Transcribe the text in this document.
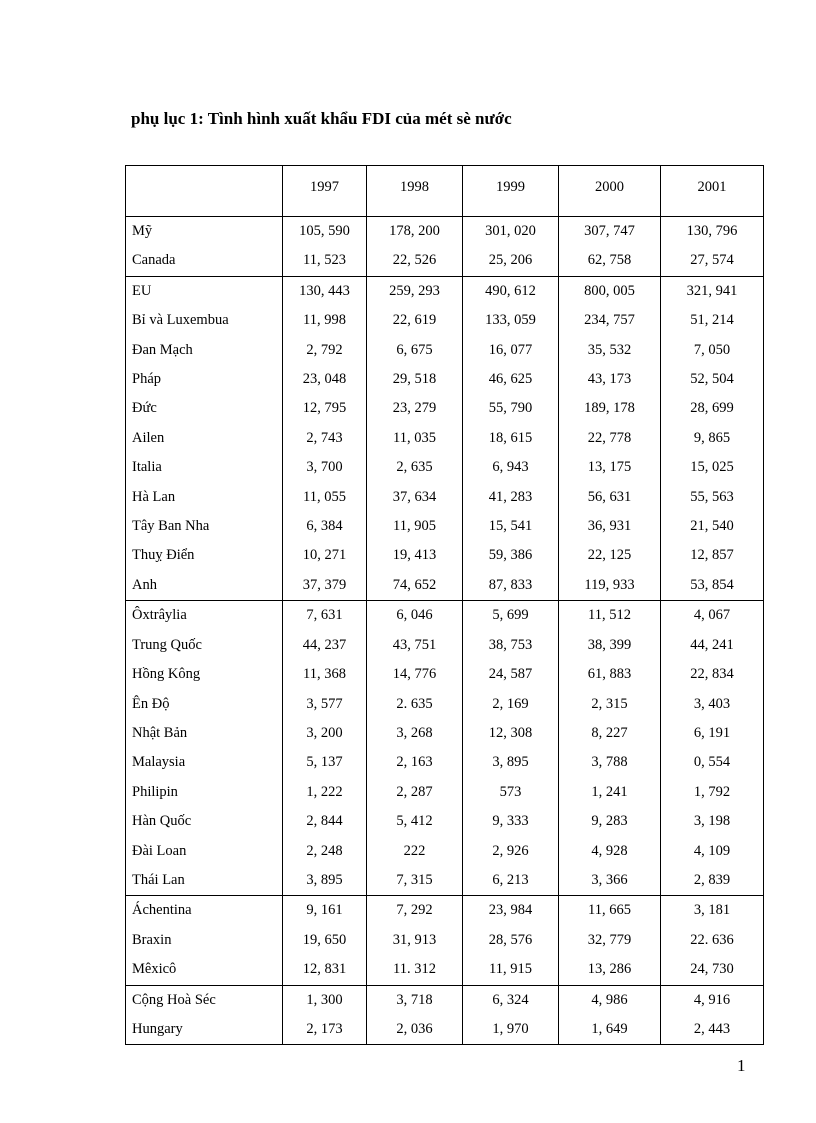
phụ lục 1: Tình hình xuất khẩu FDI của mét sè nước
	1997	1998	1999	2000	2001
Mỹ	105, 590	178, 200	301, 020	307, 747	130, 796
Canada	11, 523	22, 526	25, 206	62, 758	27, 574
EU	130, 443	259, 293	490, 612	800, 005	321, 941
Bỉ và Luxembua	11, 998	22, 619	133, 059	234, 757	51, 214
Đan Mạch	2, 792	6, 675	16, 077	35, 532	7, 050
Pháp	23, 048	29, 518	46, 625	43, 173	52, 504
Đức	12, 795	23, 279	55, 790	189, 178	28, 699
Ailen	2, 743	11, 035	18, 615	22, 778	9, 865
Italia	3, 700	2, 635	6, 943	13, 175	15, 025
Hà Lan	11, 055	37, 634	41, 283	56, 631	55, 563
Tây Ban Nha	6, 384	11, 905	15, 541	36, 931	21, 540
Thuỵ Điển	10, 271	19, 413	59, 386	22, 125	12, 857
Anh	37, 379	74, 652	87, 833	119, 933	53, 854
Ôxtrâylia	7, 631	6, 046	5, 699	11, 512	4, 067
Trung Quốc	44, 237	43, 751	38, 753	38, 399	44, 241
Hồng Kông	11, 368	14, 776	24, 587	61, 883	22, 834
Ên Độ	3, 577	2. 635	2, 169	2, 315	3, 403
Nhật Bản	3, 200	3, 268	12, 308	8, 227	6, 191
Malaysia	5, 137	2, 163	3, 895	3, 788	0, 554
Philipin	1, 222	2, 287	573	1, 241	1, 792
Hàn Quốc	2, 844	5, 412	9, 333	9, 283	3, 198
Đài Loan	2, 248	222	2, 926	4, 928	4, 109
Thái Lan	3, 895	7, 315	6, 213	3, 366	2, 839
Áchentina	9, 161	7, 292	23, 984	11, 665	3, 181
Braxin	19, 650	31, 913	28, 576	32, 779	22. 636
Mêxicô	12, 831	11. 312	11, 915	13, 286	24, 730
Cộng Hoà Séc	1, 300	3, 718	6, 324	4, 986	4, 916
Hungary	2, 173	2, 036	1, 970	1, 649	2, 443
1
